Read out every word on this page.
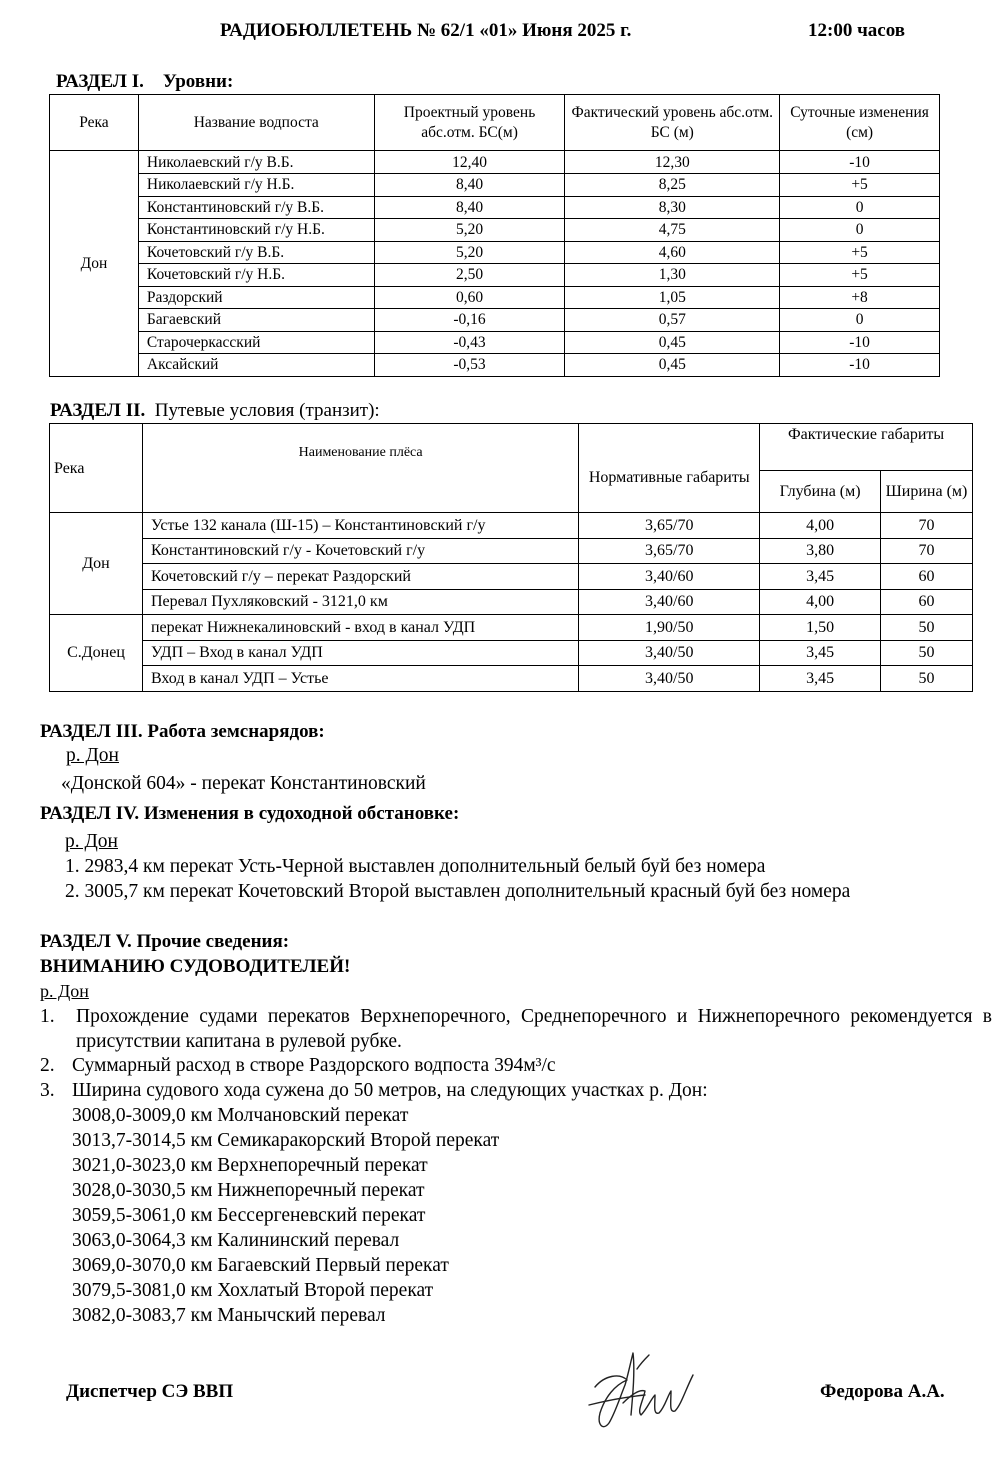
РАДИОБЮЛЛЕТЕНЬ № 62/1 «01» Июня 2025 г.	12:00 часов
РАЗДЕЛ I. Уровни:
Река	Название водпоста	Проектный уровень абс.отм. БС(м)	Фактический уровень абс.отм. БС (м)	Суточные изменения (см)
Дон	Николаевский г/у В.Б.	12,40	12,30	-10
	Николаевский г/у Н.Б.	8,40	8,25	+5
	Константиновский г/у В.Б.	8,40	8,30	0
	Константиновский г/у Н.Б.	5,20	4,75	0
	Кочетовский г/у В.Б.	5,20	4,60	+5
	Кочетовский г/у Н.Б.	2,50	1,30	+5
	Раздорский	0,60	1,05	+8
	Багаевский	-0,16	0,57	0
	Старочеркасский	-0,43	0,45	-10
	Аксайский	-0,53	0,45	-10
РАЗДЕЛ II. Путевые условия (транзит):
Река	Наименование плёса	Нормативные габариты	Фактические габариты	
			Глубина (м)	Ширина (м)
Дон	Устье 132 канала (Ш-15) – Константиновский г/у	3,65/70	4,00	70
	Константиновский г/у - Кочетовский г/у	3,65/70	3,80	70
	Кочетовский г/у – перекат Раздорский	3,40/60	3,45	60
	Перевал Пухляковский - 3121,0 км	3,40/60	4,00	60
С.Донец	перекат Нижнекалиновский - вход в канал УДП	1,90/50	1,50	50
	УДП – Вход в канал УДП	3,40/50	3,45	50
	Вход в канал УДП – Устье	3,40/50	3,45	50
РАЗДЕЛ III. Работа земснарядов:
р. Дон
«Донской 604» - перекат Константиновский
РАЗДЕЛ IV. Изменения в судоходной обстановке:
р. Дон
1. 2983,4 км перекат Усть-Черной выставлен дополнительный белый буй без номера
2. 3005,7 км перекат Кочетовский Второй выставлен дополнительный красный буй без номера
РАЗДЕЛ V. Прочие сведения:
ВНИМАНИЮ СУДОВОДИТЕЛЕЙ!
р. Дон
1. Прохождение судами перекатов Верхнепоречного, Среднепоречного и Нижнепоречного рекомендуется в присутствии капитана в рулевой рубке.
2. Суммарный расход в створе Раздорского водпоста 394м³/с
3. Ширина судового хода сужена до 50 метров, на следующих участках р. Дон:
3008,0-3009,0 км Молчановский перекат
3013,7-3014,5 км Семикаракорский Второй перекат
3021,0-3023,0 км Верхнепоречный перекат
3028,0-3030,5 км Нижнепоречный перекат
3059,5-3061,0 км Бессергеневский перекат
3063,0-3064,3 км Калининский перевал
3069,0-3070,0 км Багаевский Первый перекат
3079,5-3081,0 км Хохлатый Второй перекат
3082,0-3083,7 км Манычский перевал
Диспетчер СЭ ВВП	Федорова А.А.
